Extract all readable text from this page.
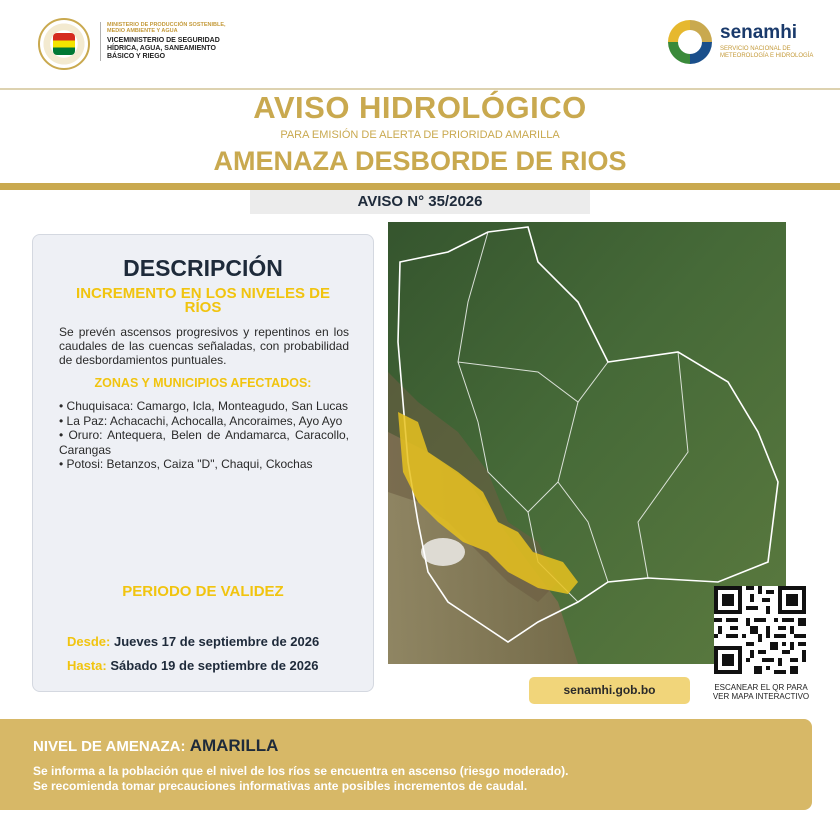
MINISTERIO DE PRODUCCIÓN SOSTENIBLE, MEDIO AMBIENTE Y AGUA
VICEMINISTERIO DE SEGURIDAD HÍDRICA, AGUA, SANEAMIENTO BÁSICO Y RIEGO
senamhi
SERVICIO NACIONAL DE METEOROLOGÍA E HIDROLOGÍA
AVISO HIDROLÓGICO
PARA EMISIÓN DE ALERTA DE PRIORIDAD AMARILLA
AMENAZA DESBORDE DE RIOS
AVISO N° 35/2026
DESCRIPCIÓN
INCREMENTO EN LOS NIVELES DE RÍOS
Se prevén ascensos progresivos y repentinos en los caudales de las cuencas señaladas, con probabilidad de desbordamientos puntuales.
ZONAS Y MUNICIPIOS AFECTADOS:
• Chuquisaca: Camargo, Icla, Monteagudo, San Lucas
• La Paz: Achacachi, Achocalla, Ancoraimes, Ayo Ayo
• Oruro: Antequera, Belen de Andamarca, Caracollo, Carangas
• Potosi: Betanzos, Caiza "D", Chaqui, Ckochas
PERIODO DE VALIDEZ
Desde: Jueves 17 de septiembre de 2026
Hasta: Sábado 19 de septiembre de 2026
ESCANEAR EL QR PARA VER MAPA INTERACTIVO
senamhi.gob.bo
NIVEL DE AMENAZA: AMARILLA
Se informa a la población que el nivel de los ríos se encuentra en ascenso (riesgo moderado).
Se recomienda tomar precauciones informativas ante posibles incrementos de caudal.
